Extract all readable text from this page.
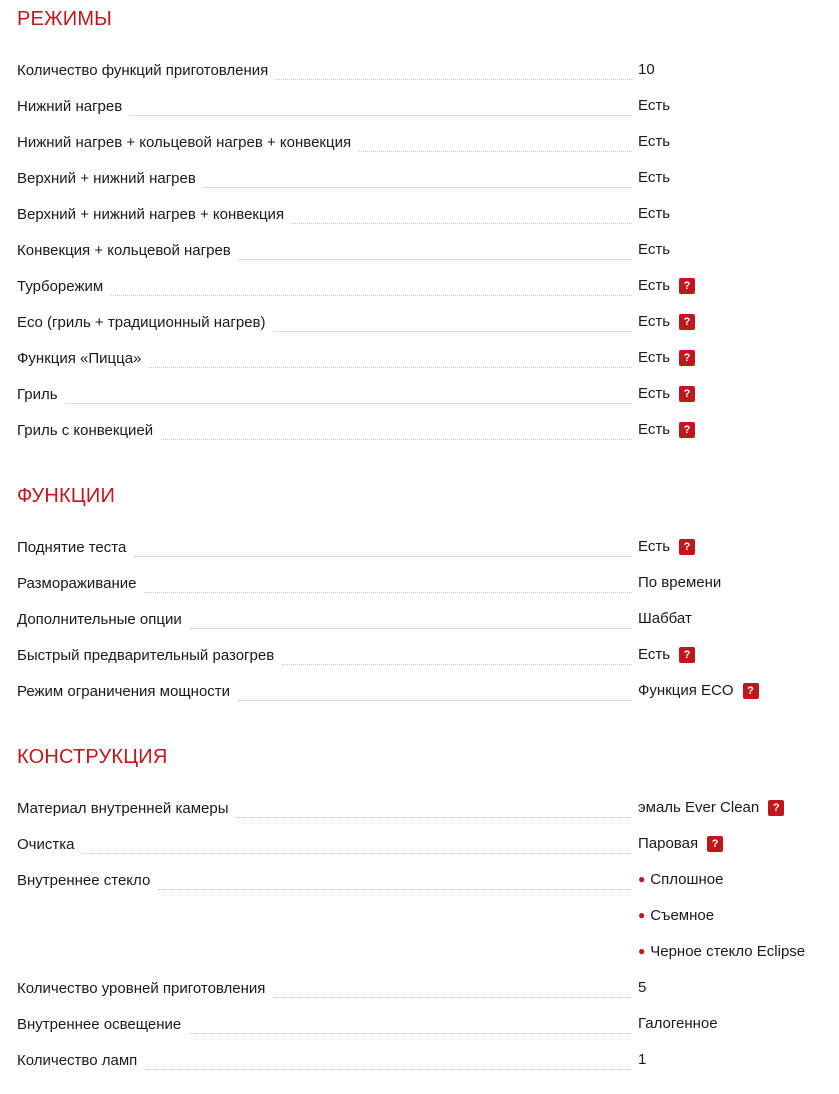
РЕЖИМЫ
Количество функций приготовления	10
Нижний нагрев	Есть
Нижний нагрев + кольцевой нагрев + конвекция	Есть
Верхний + нижний нагрев	Есть
Верхний + нижний нагрев + конвекция	Есть
Конвекция + кольцевой нагрев	Есть
Турборежим	Есть	?
Eco (гриль + традиционный нагрев)	Есть	?
Функция «Пицца»	Есть	?
Гриль	Есть	?
Гриль с конвекцией	Есть	?
ФУНКЦИИ
Поднятие теста	Есть	?
Размораживание	По времени
Дополнительные опции	Шаббат
Быстрый предварительный разогрев	Есть	?
Режим ограничения мощности	Функция ECO	?
КОНСТРУКЦИЯ
Материал внутренней камеры	эмаль Ever Clean	?
Очистка	Паровая	?
Внутреннее стекло	● Сплошное
● Съемное
● Черное стекло Eclipse
Количество уровней приготовления	5
Внутреннее освещение	Галогенное
Количество ламп	1
